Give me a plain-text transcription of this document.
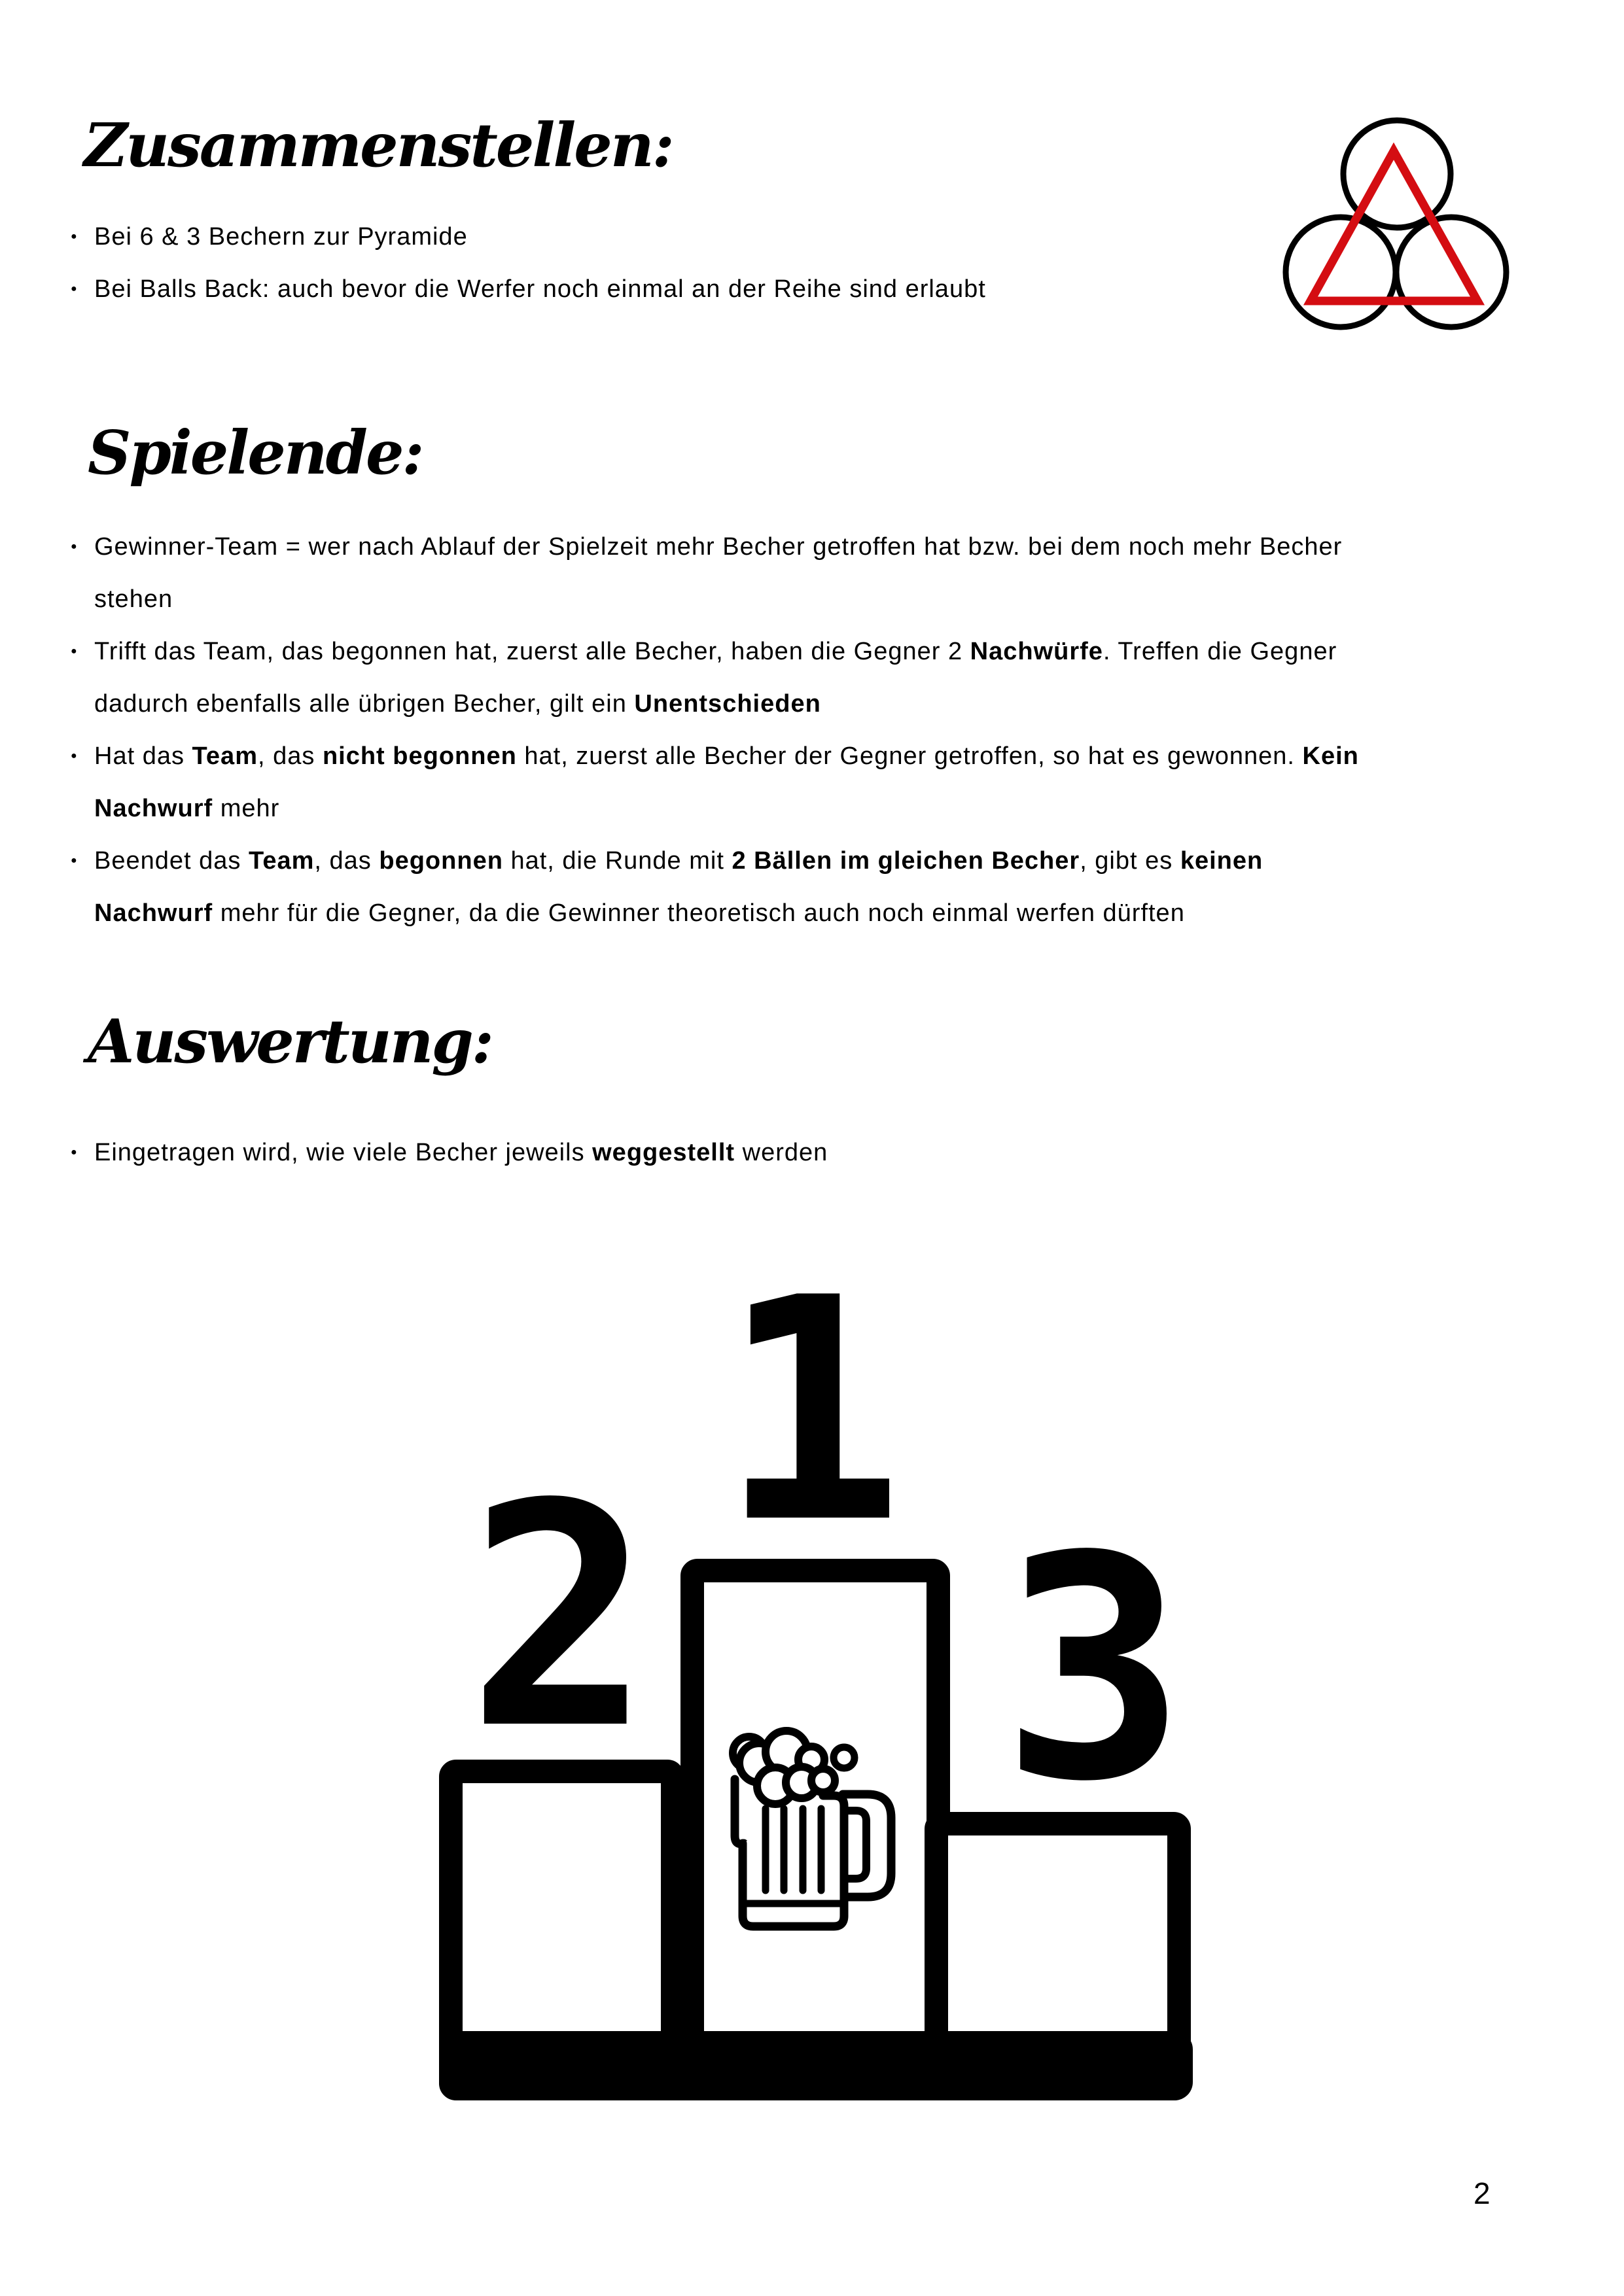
Zusammenstellen:
● Bei 6 & 3 Bechern zur Pyramide
● Bei Balls Back: auch bevor die Werfer noch einmal an der Reihe sind erlaubt
Spielende:
● Gewinner-Team = wer nach Ablauf der Spielzeit mehr Becher getroffen hat bzw. bei dem noch mehr Becher
stehen
● Trifft das Team, das begonnen hat, zuerst alle Becher, haben die Gegner 2 Nachwürfe. Treffen die Gegner
dadurch ebenfalls alle übrigen Becher, gilt ein Unentschieden
● Hat das Team, das nicht begonnen hat, zuerst alle Becher der Gegner getroffen, so hat es gewonnen. Kein
Nachwurf mehr
● Beendet das Team, das begonnen hat, die Runde mit 2 Bällen im gleichen Becher, gibt es keinen
Nachwurf mehr für die Gegner, da die Gewinner theoretisch auch noch einmal werfen dürften
Auswertung:
● Eingetragen wird, wie viele Becher jeweils weggestellt werden
1
2 3
2
